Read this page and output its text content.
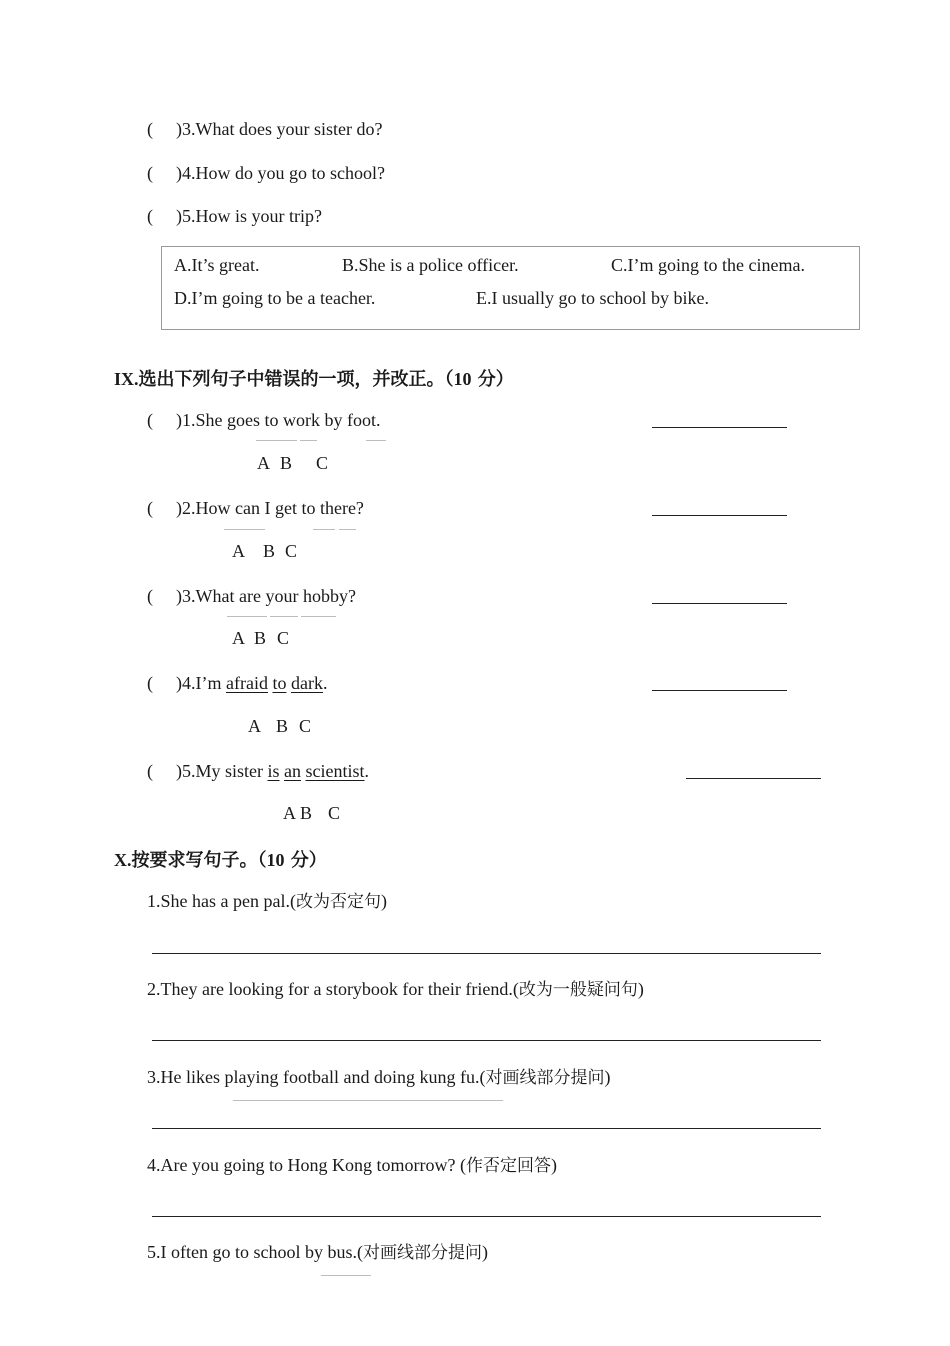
( )3.What does your sister do?
( )4.How do you go to school?
( )5.How is your trip?
A.It’s great.	B.She is a police officer.	C.I’m going to the cinema.
D.I’m going to be a teacher.	E.I usually go to school by bike.
IX.选出下列句子中错误的一项，并改正。（10 分）
( )1.She goes to work by foot.
A B C
( )2.How can I get to there?
A B C
( )3.What are your hobby?
A B C
( )4.I’m afraid to dark.
A B C
( )5.My sister is an scientist.
A B C
X.按要求写句子。（10 分）
1.She has a pen pal.(改为否定句)
2.They are looking for a storybook for their friend.(改为一般疑问句)
3.He likes playing football and doing kung fu.(对画线部分提问)
4.Are you going to Hong Kong tomorrow? (作否定回答)
5.I often go to school by bus.(对画线部分提问)
